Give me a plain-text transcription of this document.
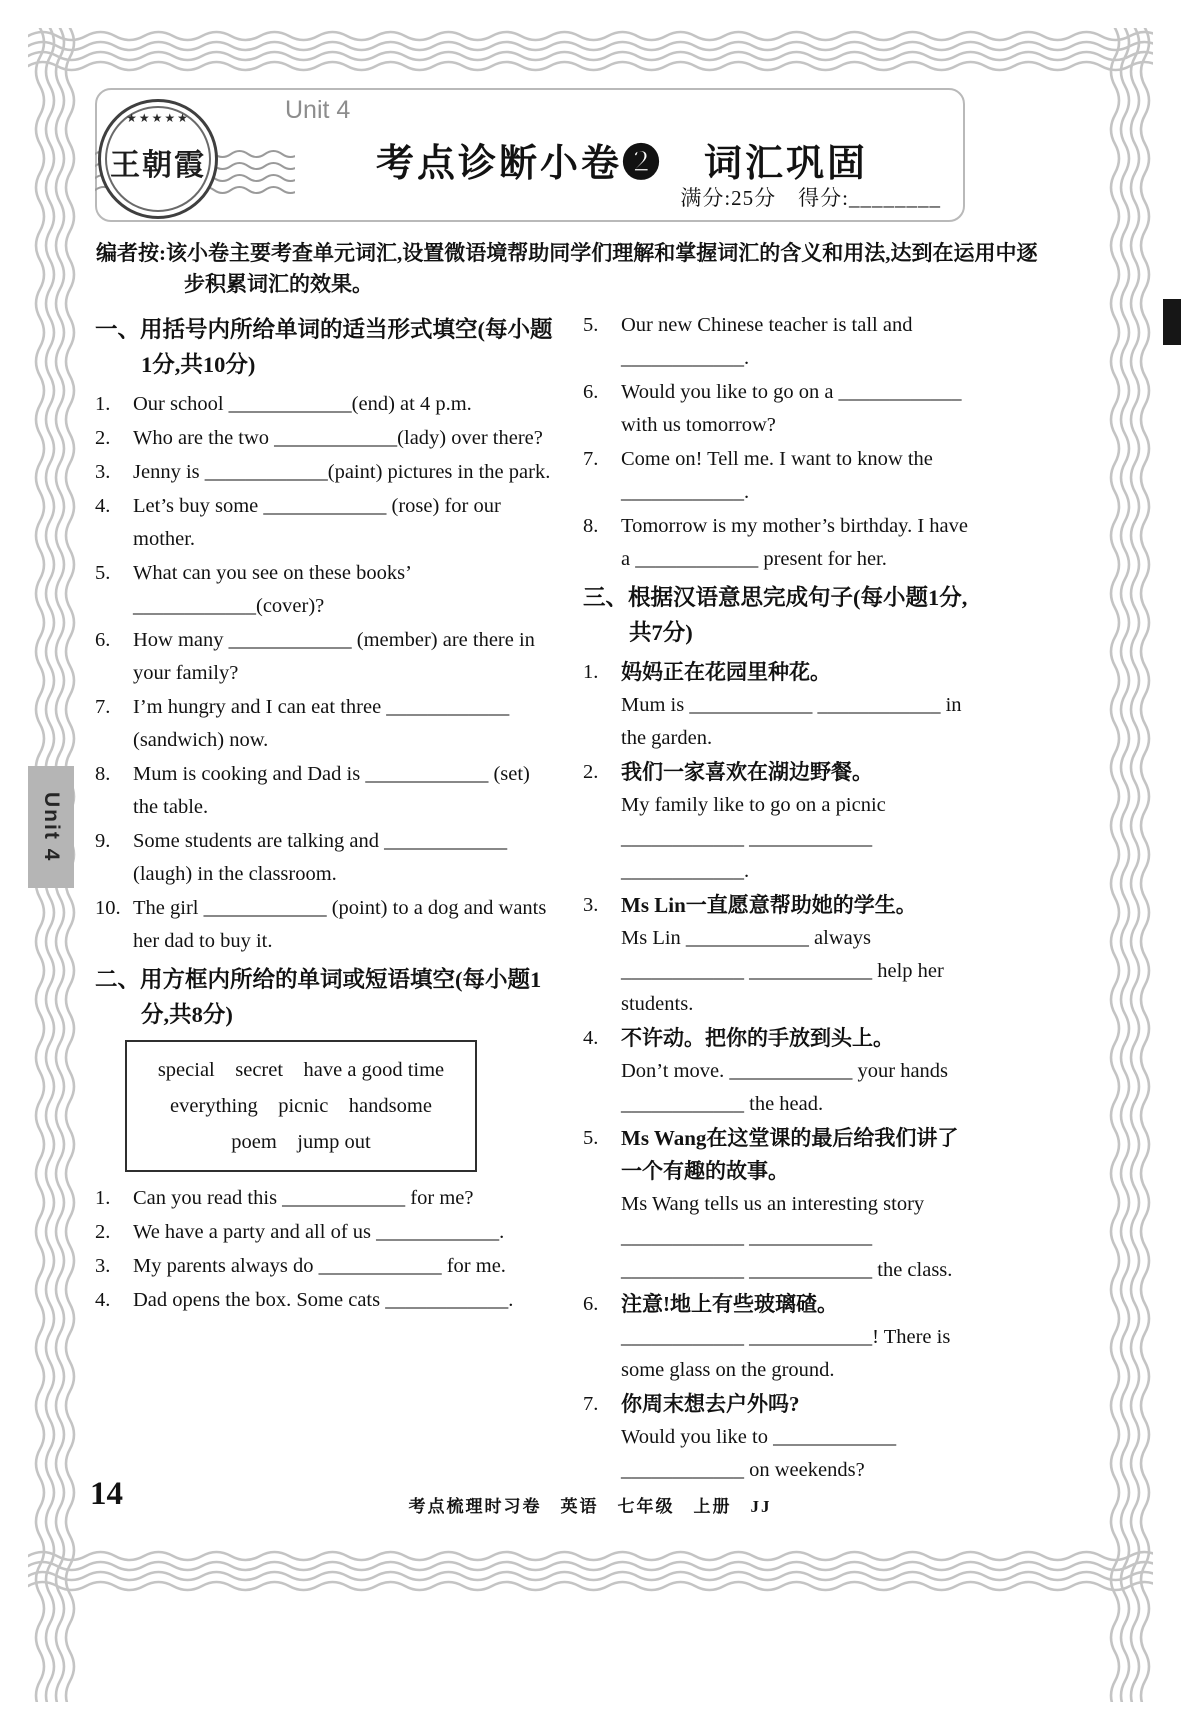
Unit 4
考点诊断小卷❷　词汇巩固
满分:25分　得分:________
★★★★★
王朝霞
编者按:该小卷主要考查单元词汇,设置微语境帮助同学们理解和掌握词汇的含义和用法,达到在运用中逐步积累词汇的效果。
一、用括号内所给单词的适当形式填空(每小题1分,共10分)
1.	Our school ____________(end) at 4 p.m.
2.	Who are the two ____________(lady) over there?
3.	Jenny is ____________(paint) pictures in the park.
4.	Let’s buy some ____________ (rose) for our mother.
5.	What can you see on these books’ ____________(cover)?
6.	How many ____________ (member) are there in your family?
7.	I’m hungry and I can eat three ____________ (sandwich) now.
8.	Mum is cooking and Dad is ____________ (set) the table.
9.	Some students are talking and ____________ (laugh) in the classroom.
10. The girl ____________ (point) to a dog and wants her dad to buy it.
二、用方框内所给的单词或短语填空(每小题1分,共8分)
special　secret　have a good time
everything　picnic　handsome
poem　jump out
1.	Can you read this ____________ for me?
2.	We have a party and all of us ____________.
3.	My parents always do ____________ for me.
4.	Dad opens the box. Some cats ____________.
5.	Our new Chinese teacher is tall and ____________.
6.	Would you like to go on a ____________ with us tomorrow?
7.	Come on! Tell me. I want to know the ____________.
8.	Tomorrow is my mother’s birthday. I have a ____________ present for her.
三、根据汉语意思完成句子(每小题1分,共7分)
1.	妈妈正在花园里种花。
Mum is ____________ ____________ in the garden.
2.	我们一家喜欢在湖边野餐。
My family like to go on a picnic ____________ ____________ ____________.
3.	Ms Lin一直愿意帮助她的学生。
Ms Lin ____________ always ____________ ____________ help her students.
4.	不许动。把你的手放到头上。
Don’t move. ____________ your hands ____________ the head.
5.	Ms Wang在这堂课的最后给我们讲了一个有趣的故事。
Ms Wang tells us an interesting story ____________ ____________ ____________ ____________ the class.
6.	注意!地上有些玻璃碴。
____________ ____________! There is some glass on the ground.
7.	你周末想去户外吗?
Would you like to ____________ ____________ on weekends?
14	考点梳理时习卷　英语　七年级　上册　JJ
Unit 4
